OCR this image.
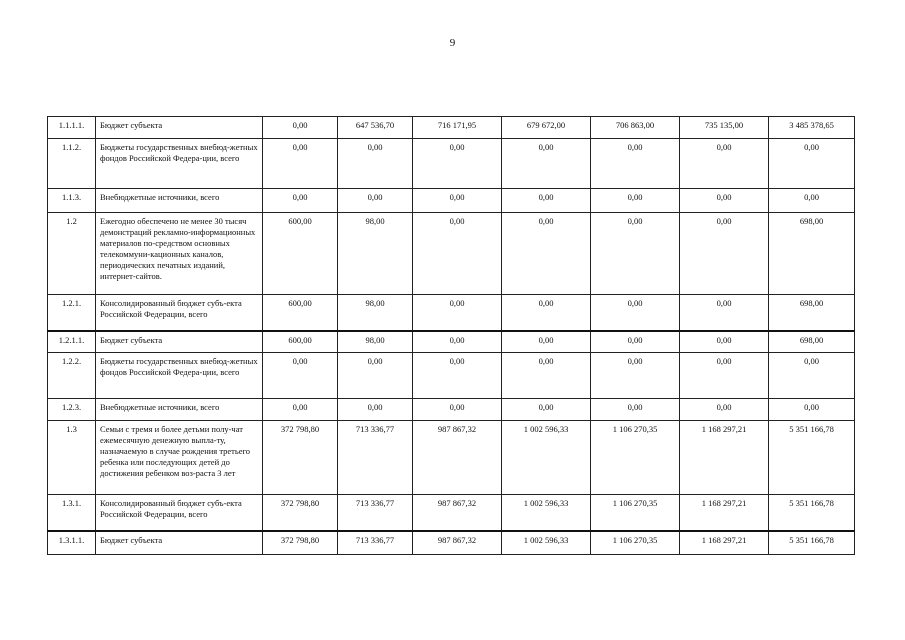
9
1.1.1.1.	Бюджет субъекта	0,00	647 536,70	716 171,95	679 672,00	706 863,00	735 135,00	3 485 378,65
1.1.2.	Бюджеты государственных внебюд-жетных фондов Российской Федера-ции, всего	0,00	0,00	0,00	0,00	0,00	0,00	0,00
1.1.3.	Внебюджетные источники, всего	0,00	0,00	0,00	0,00	0,00	0,00	0,00
1.2	Ежегодно обеспечено не менее 30 тысяч демонстраций рекламно-информационных материалов по-средством основных телекоммуни-кационных каналов, периодических печатных изданий, интернет-сайтов.	600,00	98,00	0,00	0,00	0,00	0,00	698,00
1.2.1.	Консолидированный бюджет субъ-екта Российской Федерации, всего	600,00	98,00	0,00	0,00	0,00	0,00	698,00
1.2.1.1.	Бюджет субъекта	600,00	98,00	0,00	0,00	0,00	0,00	698,00
1.2.2.	Бюджеты государственных внебюд-жетных фондов Российской Федера-ции, всего	0,00	0,00	0,00	0,00	0,00	0,00	0,00
1.2.3.	Внебюджетные источники, всего	0,00	0,00	0,00	0,00	0,00	0,00	0,00
1.3	Семьи с тремя и более детьми полу-чат ежемесячную денежную выпла-ту, назначаемую в случае рождения третьего ребенка или последующих детей до достижения ребенком воз-раста 3 лет	372 798,80	713 336,77	987 867,32	1 002 596,33	1 106 270,35	1 168 297,21	5 351 166,78
1.3.1.	Консолидированный бюджет субъ-екта Российской Федерации, всего	372 798,80	713 336,77	987 867,32	1 002 596,33	1 106 270,35	1 168 297,21	5 351 166,78
1.3.1.1.	Бюджет субъекта	372 798,80	713 336,77	987 867,32	1 002 596,33	1 106 270,35	1 168 297,21	5 351 166,78
